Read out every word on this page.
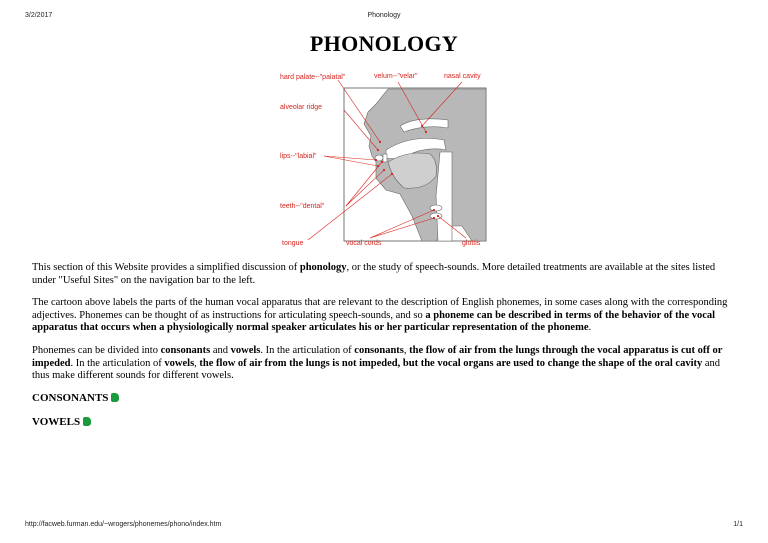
3/2/2017	Phonology
PHONOLOGY
hard palate--"palatal"	velum--"velar"	nasal cavity
alveolar ridge
lips--"labial"
teeth--"dental"
tongue	vocal cords	glottis

This section of this Website provides a simplified discussion of phonology, or the study of speech-sounds. More detailed treatments are available at the sites listed under "Useful Sites" on the navigation bar to the left.

The cartoon above labels the parts of the human vocal apparatus that are relevant to the description of English phonemes, in some cases along with the corresponding adjectives. Phonemes can be thought of as instructions for articulating speech-sounds, and so a phoneme can be described in terms of the behavior of the vocal apparatus that occurs when a physiologically normal speaker articulates his or her particular representation of the phoneme.

Phonemes can be divided into consonants and vowels. In the articulation of consonants, the flow of air from the lungs through the vocal apparatus is cut off or impeded. In the articulation of vowels, the flow of air from the lungs is not impeded, but the vocal organs are used to change the shape of the oral cavity and thus make different sounds for different vowels.

CONSONANTS
VOWELS
http://facweb.furman.edu/~wrogers/phonemes/phono/index.htm	1/1
